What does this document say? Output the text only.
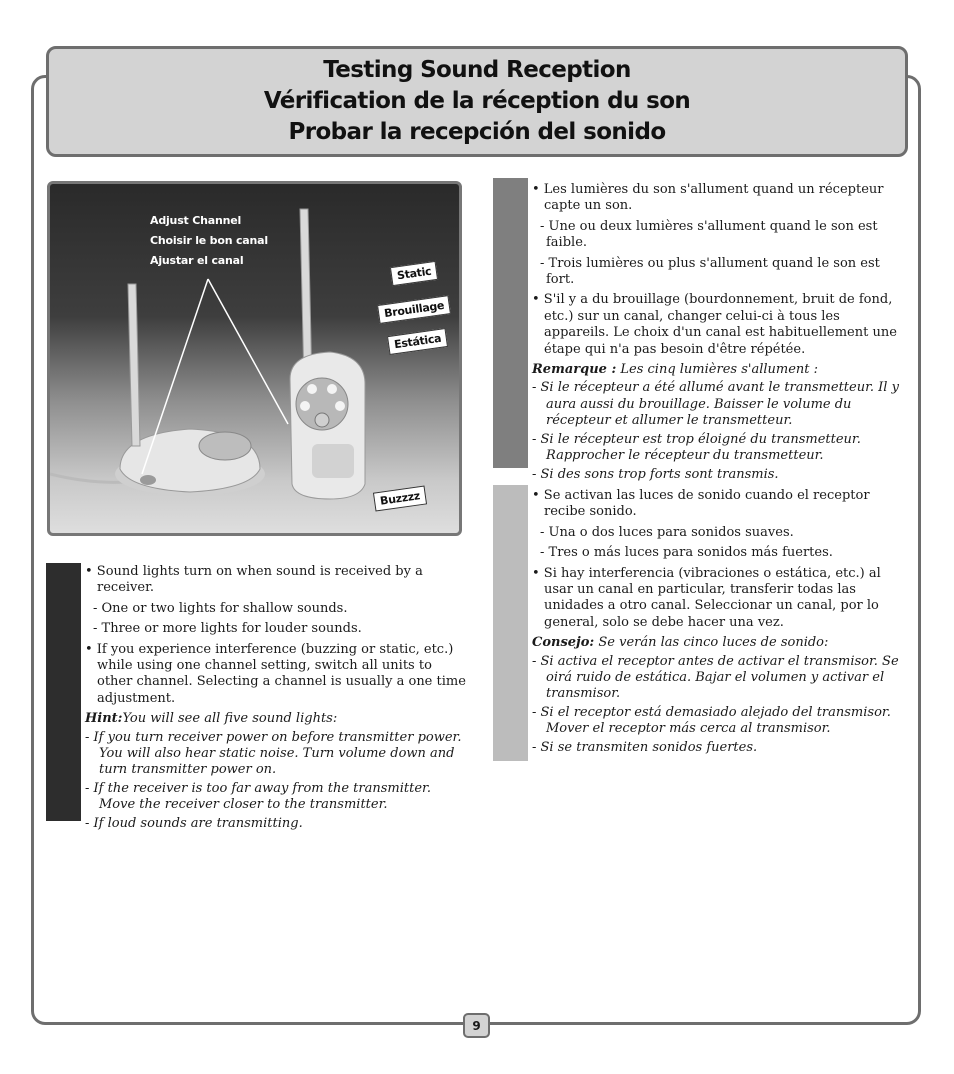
Testing Sound Reception
Vérification de la réception du son
Probar la recepción del sonido
Adjust Channel
Choisir le bon canal
Ajustar el canal
Static
Brouillage
Estática
Buzzzz

• Sound lights turn on when sound is received by a receiver.

- One or two lights for shallow sounds.

- Three or more lights for louder sounds.

• If you experience interference (buzzing or static, etc.) while using one channel setting, switch all units to other channel. Selecting a channel is usually a one time adjustment.

Hint:You will see all five sound lights:

- If you turn receiver power on before transmitter power. You will also hear static noise. Turn volume down and turn transmitter power on.

- If the receiver is too far away from the transmitter. Move the receiver closer to the transmitter.

- If loud sounds are transmitting.

• Les lumières du son s'allument quand un récepteur capte un son.

- Une ou deux lumières s'allument quand le son est faible.

- Trois lumières ou plus s'allument quand le son est fort.

• S'il y a du brouillage (bourdonnement, bruit de fond, etc.) sur un canal, changer celui-ci à tous les appareils. Le choix d'un canal est habituellement une étape qui n'a pas besoin d'être répétée.

Remarque : Les cinq lumières s'allument :

- Si le récepteur a été allumé avant le transmetteur. Il y aura aussi du brouillage. Baisser le volume du récepteur et allumer le transmetteur.

- Si le récepteur est trop éloigné du transmetteur. Rapprocher le récepteur du transmetteur.

- Si des sons trop forts sont transmis.

• Se activan las luces de sonido cuando el receptor recibe sonido.

- Una o dos luces para sonidos suaves.

- Tres o más luces para sonidos más fuertes.

• Si hay interferencia (vibraciones o estática, etc.) al usar un canal en particular, transferir todas las unidades a otro canal. Seleccionar un canal, por lo general, solo se debe hacer una vez.

Consejo: Se verán las cinco luces de sonido:

- Si activa el receptor antes de activar el transmisor. Se oirá ruido de estática. Bajar el volumen y activar el transmisor.

- Si el receptor está demasiado alejado del transmisor. Mover el receptor más cerca al transmisor.

- Si se transmiten sonidos fuertes.

9
